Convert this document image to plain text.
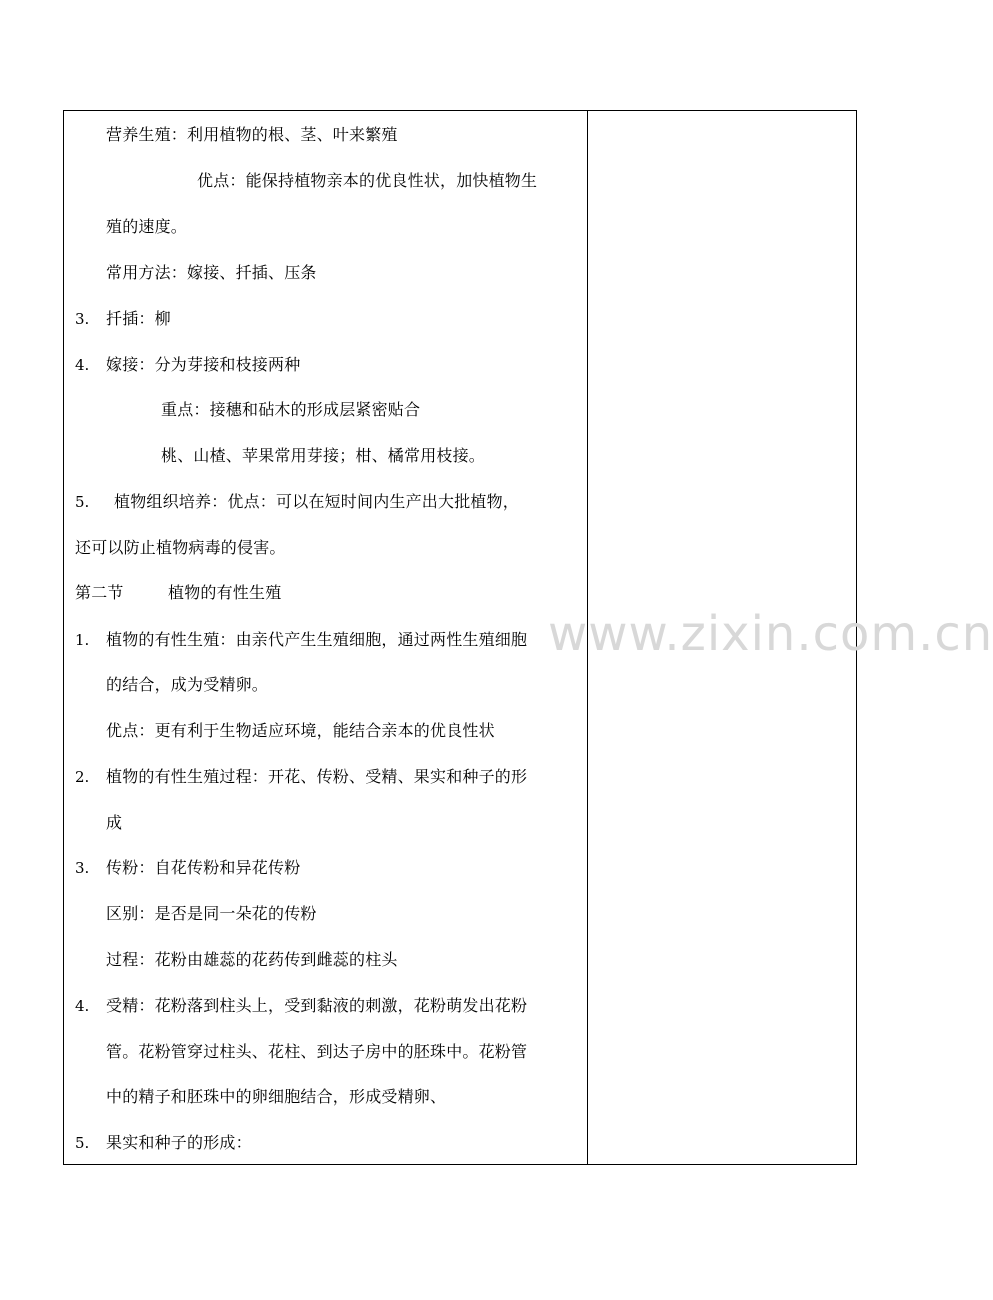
www.zixin.com.cn
营养生殖：利用植物的根、茎、叶来繁殖
优点：能保持植物亲本的优良性状，加快植物生
殖的速度。
常用方法：嫁接、扦插、压条
3. 扦插：柳
4. 嫁接：分为芽接和枝接两种
重点：接穗和砧木的形成层紧密贴合
桃、山楂、苹果常用芽接；柑、橘常用枝接。
5. 植物组织培养：优点：可以在短时间内生产出大批植物，
还可以防止植物病毒的侵害。
第二节	植物的有性生殖
1. 植物的有性生殖：由亲代产生生殖细胞，通过两性生殖细胞
的结合，成为受精卵。
优点：更有利于生物适应环境，能结合亲本的优良性状
2. 植物的有性生殖过程：开花、传粉、受精、果实和种子的形
成
3. 传粉：自花传粉和异花传粉
区别：是否是同一朵花的传粉
过程：花粉由雄蕊的花药传到雌蕊的柱头
4. 受精：花粉落到柱头上，受到黏液的刺激，花粉萌发出花粉
管。花粉管穿过柱头、花柱、到达子房中的胚珠中。花粉管
中的精子和胚珠中的卵细胞结合，形成受精卵、
5. 果实和种子的形成：
